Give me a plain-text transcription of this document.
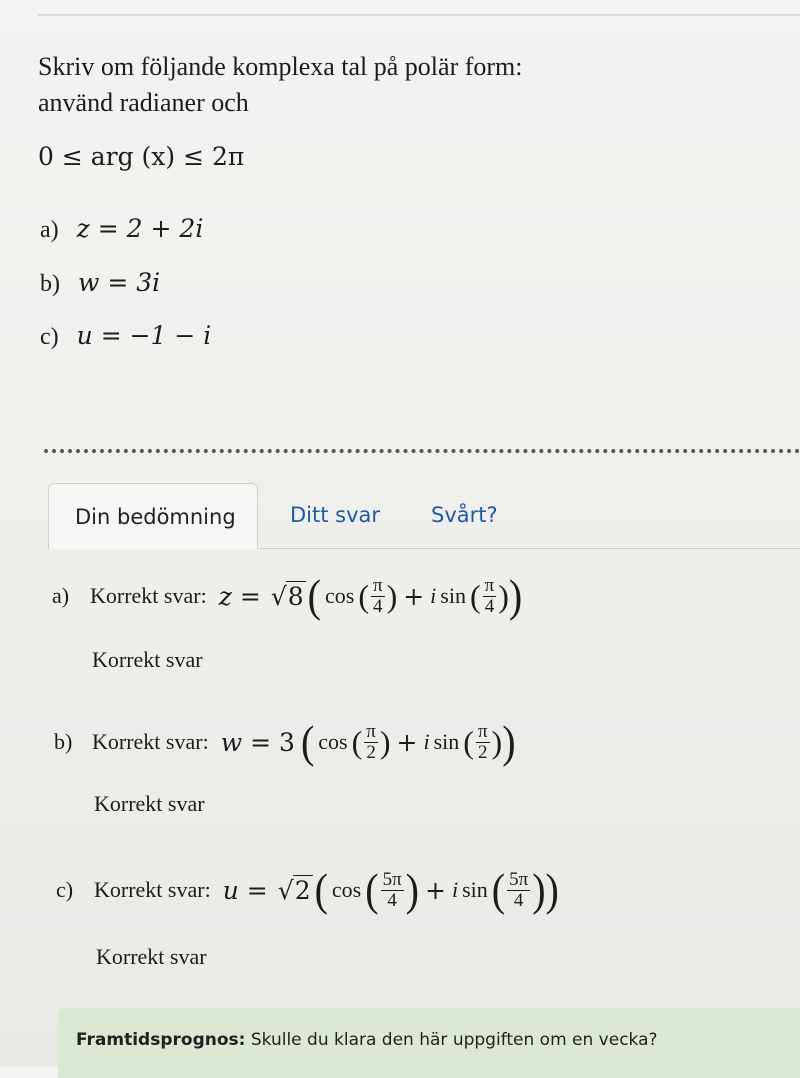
Skriv om följande komplexa tal på polär form:
använd radianer och
0 ≤ arg (x) ≤ 2π
a) z = 2 + 2i
b) w = 3i
c) u = −1 − i
Din bedömning	Ditt svar Svårt?
a) Korrekt svar: z = √ 8 ( cos ( $\frac{\pi}{4}$ ) + i sin ( $\frac{\pi}{4}$ ) )
Korrekt svar
b) Korrekt svar: w = 3 ( cos ( $\frac{\pi}{2}$ ) + i sin ( $\frac{\pi}{2}$ ) )
Korrekt svar
c) Korrekt svar: u = √ 2 ( cos ( $\frac{5\pi}{4}$ ) + i sin ( $\frac{5\pi}{4}$ ) )
Korrekt svar
Framtidsprognos: Skulle du klara den här uppgiften om en vecka?
